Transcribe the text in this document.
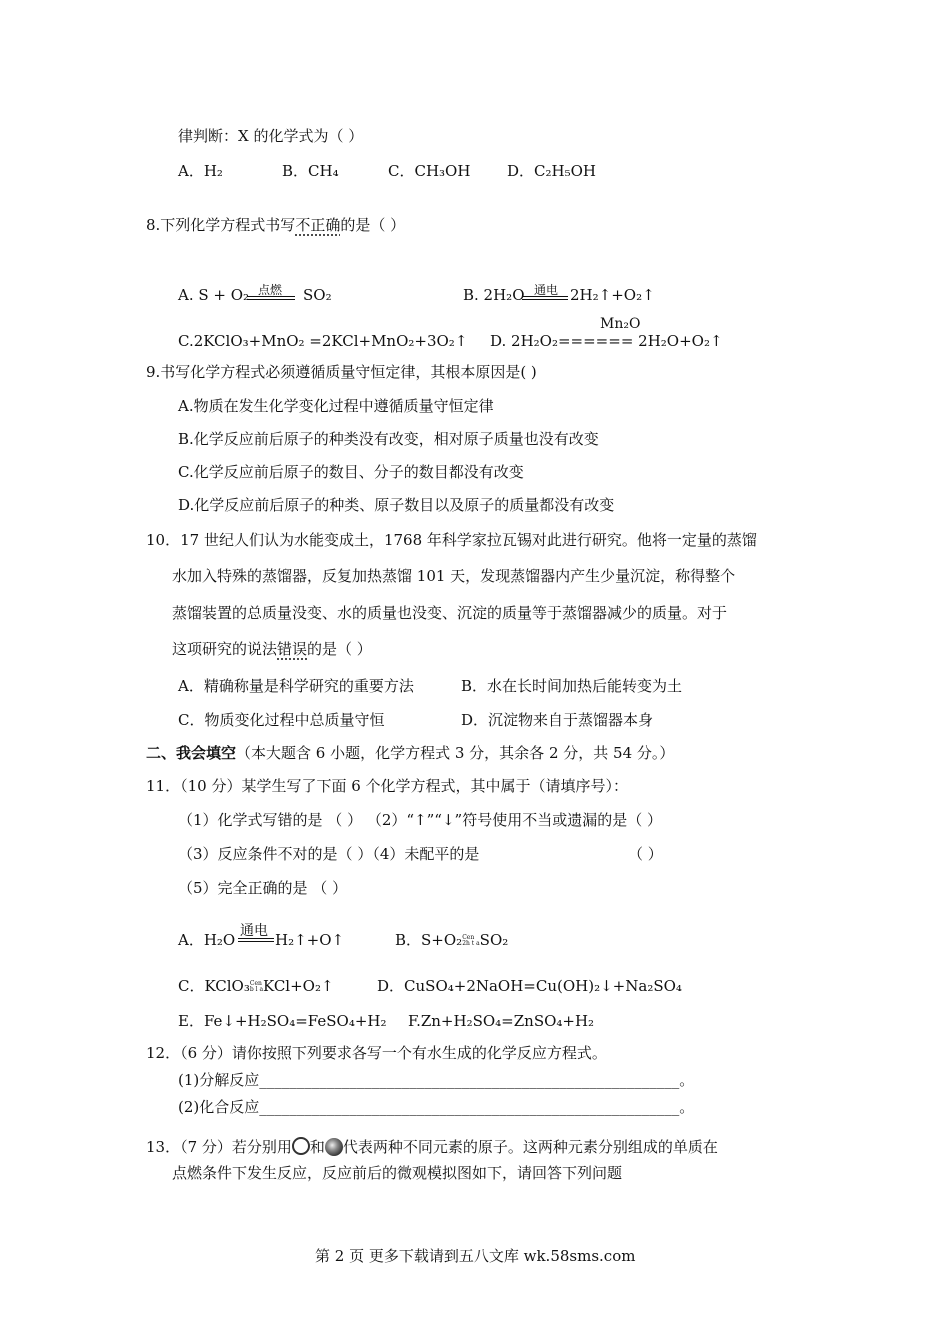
律判断：X 的化学式为（ ）
A．H₂	B．CH₄	C．CH₃OH D．C₂H₅OH
8.下列化学方程式书写不正确的是（ ）
A. S + O₂ 点燃 SO₂	B. 2H₂O 通电 2H₂↑+O₂↑
Mn₂O
C.2KClO₃+MnO₂ =2KCl+MnO₂+3O₂↑ D. 2H₂O₂====== 2H₂O+O₂↑
9.书写化学方程式必须遵循质量守恒定律，其根本原因是( )
A.物质在发生化学变化过程中遵循质量守恒定律
B.化学反应前后原子的种类没有改变，相对原子质量也没有改变
C.化学反应前后原子的数目、分子的数目都没有改变
D.化学反应前后原子的种类、原子数目以及原子的质量都没有改变
10．17 世纪人们认为水能变成土，1768 年科学家拉瓦锡对此进行研究。他将一定量的蒸馏
水加入特殊的蒸馏器，反复加热蒸馏 101 天，发现蒸馏器内产生少量沉淀，称得整个
蒸馏装置的总质量没变、水的质量也没变、沉淀的质量等于蒸馏器减少的质量。对于
这项研究的说法错误的是（ ）
A．精确称量是科学研究的重要方法	B．水在长时间加热后能转变为土
C．物质变化过程中总质量守恒	D．沉淀物来自于蒸馏器本身
二、我会填空（本大题含 6 小题，化学方程式 3 分，其余各 2 分，共 54 分。）
11．（10 分）某学生写了下面 6 个化学方程式，其中属于（请填序号）：
（1）化学式写错的是 （ ） （2）“↑”“↓”符号使用不当或遗漏的是（ ）
（3）反应条件不对的是（ ）（4）未配平的是	（ ）
（5）完全正确的是 （ ）
A．H₂O 通电 H₂↑+O↑	B．S+O₂Cen
2h t aSO₂
C．KClO₃Cen
b l aKCl+O₂↑	D．CuSO₄+2NaOH=Cu(OH)₂↓+Na₂SO₄
E．Fe↓+H₂SO₄=FeSO₄+H₂ F.Zn+H₂SO₄=ZnSO₄+H₂
12．（6 分）请你按照下列要求各写一个有水生成的化学反应方程式。
(1)分解反应________________________________________________________。
(2)化合反应________________________________________________________。
13．（7 分）若分别用 和 代表两种不同元素的原子。这两种元素分别组成的单质在
点燃条件下发生反应，反应前后的微观模拟图如下，请回答下列问题
第 2 页 更多下载请到五八文库 wk.58sms.com
